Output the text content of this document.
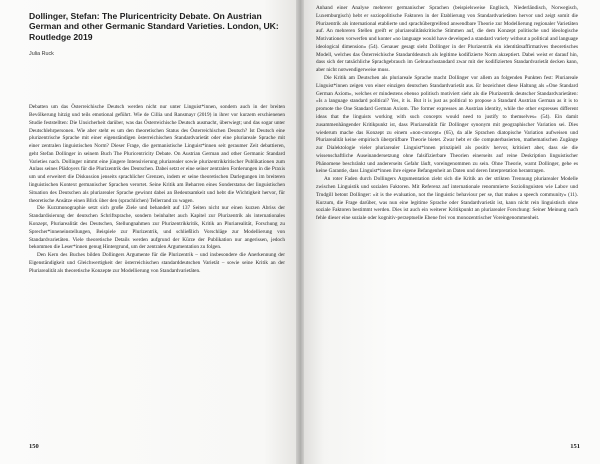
Dollinger, Stefan: The Pluricentricity Debate. On Austrian German and other Germanic Standard Varieties. London, UK: Routledge 2019

Julia Ruck

Debatten um das Österreichische Deutsch werden nicht nur unter Linguist*innen, sondern auch in der breiten Bevölkerung hitzig und teils emotional geführt. Wie de Cillia und Ransmayr (2019) in ihrer vor kurzem erschienenen Studie feststellten: Die Unsicherheit darüber, was das Österreichische Deutsch ausmacht, überwiegt; und das sogar unter Deutschlehrpersonen. Wie aber steht es um den theoretischen Status des Österreichischen Deutsch? Ist Deutsch eine plurizentrische Sprache mit einer eigenständigen österreichischen Standardvarietät oder eine pluriareale Sprache mit einer zentralen linguistischen Norm? Dieser Frage, die germanistische Linguist*innen seit geraumer Zeit debattieren, geht Stefan Dollinger in seinem Buch The Pluricentricity Debate. On Austrian German and other Germanic Standard Varieties nach. Dollinger nimmt eine jüngere Intensivierung pluriarealer sowie plurizentrikkritischer Publikationen zum Anlass seines Plädoyers für die Plurizentrik des Deutschen. Dabei setzt er eine seiner zentralen Forderungen in die Praxis um und erweitert die Diskussion jenseits sprachlicher Grenzen, indem er seine theoretischen Darlegungen im breiteren linguistischen Kontext germanischer Sprachen verortet. Seine Kritik am Beharren eines Sonderstatus der linguistischen Situation des Deutschen als pluriarealer Sprache gewinnt dabei an Bedeutsamkeit und hebt die Wichtigkeit hervor, für theoretische Ansätze einen Blick über den (sprachlichen) Tellerrand zu wagen.

Die Kurzmonographie setzt sich große Ziele und behandelt auf 137 Seiten nicht nur einen kurzen Abriss der Standardisierung der deutschen Schriftsprache, sondern beinhaltet auch Kapitel zur Plurizentrik als internationales Konzept, Pluriarealität des Deutschen, Stellungnahmen zur Plurizentrikkritik, Kritik an Pluriarealität, Forschung zu Sprecher*inneneinstellungen, Beispiele zur Plurizentrik, und schließlich Vorschläge zur Modellierung von Standardvarietäten. Viele theoretische Details werden aufgrund der Kürze der Publikation nur angerissen, jedoch bekommen die Leser*innen genug Hintergrund, um der zentralen Argumentation zu folgen.

Den Kern des Buches bilden Dollingers Argumente für die Plurizentrik – und insbesondere die Anerkennung der Eigenständigkeit und Gleichwertigkeit der österreichischen standarddeutschen Varietät – sowie seine Kritik an der Pluriarealität als theoretische Konzepte zur Modellierung von Standardvarietäten.

150

Anhand einer Analyse mehrerer germanischer Sprachen (beispielsweise Englisch, Niederländisch, Norwegisch, Luxemburgisch) hebt er soziopolitische Faktoren in der Etablierung von Standardvarietäten hervor und zeigt somit die Plurizentrik als international etablierte und sprachübergreifend anwendbare Theorie zur Modellierung regionaler Varietäten auf. An mehreren Stellen greift er pluriarealitätskritische Stimmen auf, die dem Konzept politische und ideologische Motivationen vorwerfen und konter »no language would have developed a standard variety without a political and language ideological dimension« (54). Genauer gesagt sieht Dollinger in der Plurizentrik ein identitätsaffirmatives theoretisches Modell, welches das Österreichische Standarddeutsch als legitime kodifizierte Norm akzeptiert. Dabei weist er darauf hin, dass sich der tatsächliche Sprachgebrauch im Gebrauchsstandard zwar mit der kodifizierten Standardvarietät decken kann, aber nicht notwendigerweise muss.

Die Kritik am Deutschen als pluriareale Sprache macht Dollinger vor allem an folgenden Punkten fest: Pluriareale Linguist*innen zeigen von einer einzigen deutschen Standardvarietät aus. Er bezeichnet diese Haltung als »One Standard German Axiom«, welches er mindestens ebenso politisch motiviert sieht als die Plurizentrik deutscher Standardvarietäten: »Is a language standard political? Yes, it is. But it is just as political to propose a Standard Austrian German as it is to promote the One Standard German Axiom. The former expresses an Austrian identity, while the other expresses different ideas that the linguists working with such concepts would need to justify to themselves« (54). Ein damit zusammenhängender Kritikpunkt ist, dass Pluriarealität für Dollinger synonym mit geographischer Variation sei. Dies wiederum mache das Konzept zu einem »non-concept« (65), da alle Sprachen diatopische Variation aufweisen und Pluriarealität keine empirisch überprüfbare Theorie bietet. Zwar hebt er die computerbasierten, mathematischen Zugänge zur Dialektologie vieler pluriarealer Linguist*innen prinzipiell als positiv hervor, kritisiert aber, dass sie die wissenschaftliche Auseinandersetzung ohne falsifizierbare Theorien einerseits auf reine Deskription linguistischer Phänomene beschränkt und andererseits Gefahr läuft, voreingenommen zu sein. Ohne Theorie, warnt Dollinger, gehe es keine Garantie, dass Linguist*innen ihre eigene Befangenheit an Daten und deren Interpretation herantragen.

An roter Faden durch Dollingers Argumentation zieht sich die Kritik an der strikten Trennung pluriarealer Modelle zwischen Linguistik und sozialen Faktoren. Mit Referenz auf internationale renommierte Soziolinguisten wie Labov und Trudgill betont Dollinger: »it is the evaluation, not the linguistic behaviour per se, that makes a speech community« (11). Kurzum, die Frage darüber, was nun eine legitime Sprache oder Standardvarietät ist, kann nicht rein linguistisch ohne soziale Faktoren bestimmt werden. Dies ist auch ein weiterer Kritikpunkt an pluriarealer Forschung: Seiner Meinung nach fehle dieser eine soziale oder kognitiv-perzeptuelle Ebene frei von monozentrischer Voreingenommenheit.

151
